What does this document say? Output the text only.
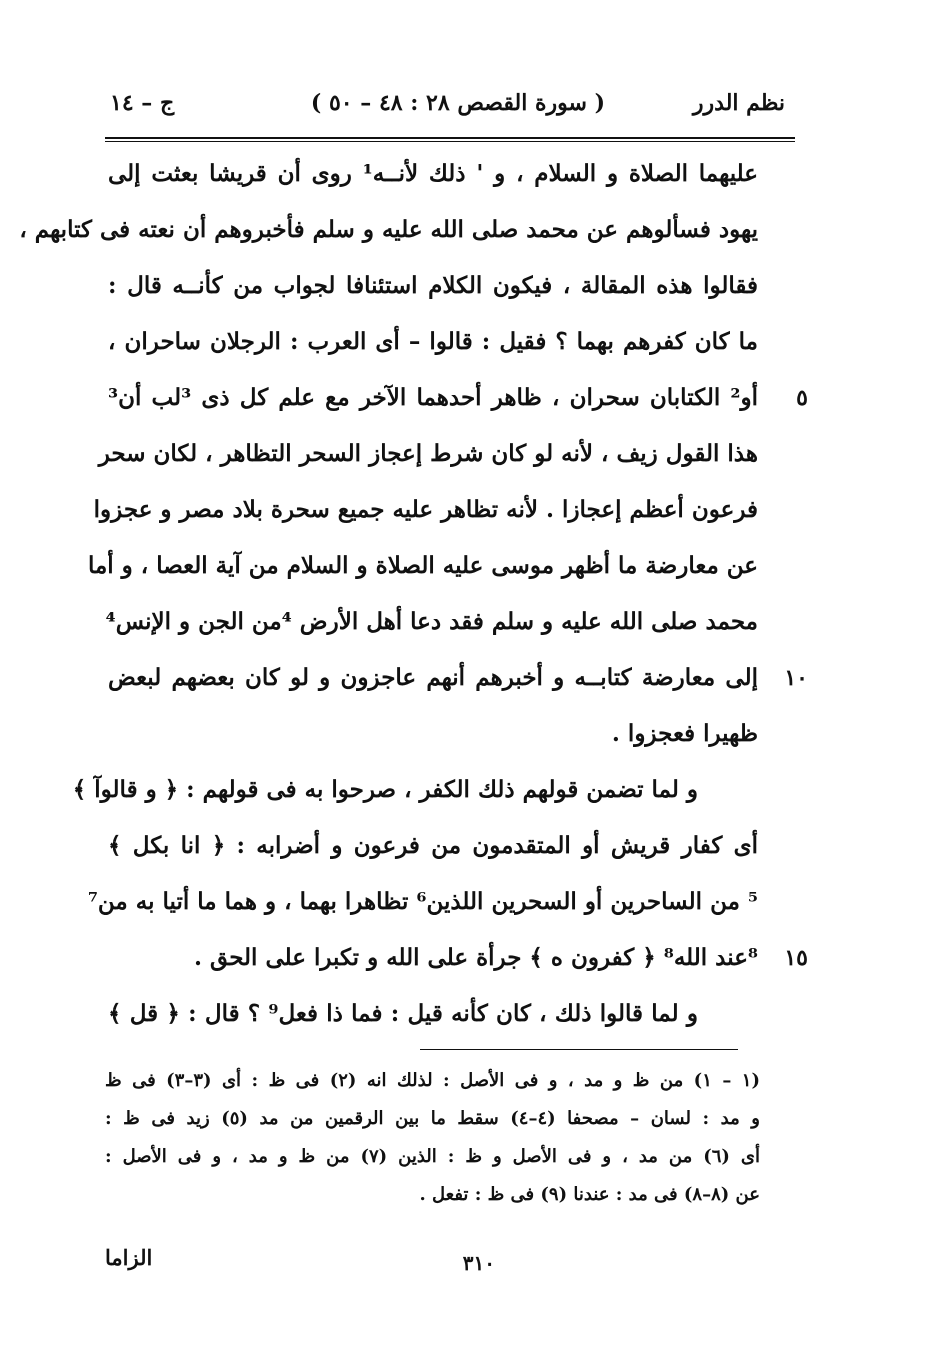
نظم الدرر
( سورة القصص ٢٨ : ٤٨ – ٥٠ )
ج – ١٤
عليهما الصلاة و السلام ، و ' ذلك لأنــه¹ روى أن قريشا بعثت إلى
يهود فسألوهم عن محمد صلى الله عليه و سلم فأخبروهم أن نعته فى كتابهم ،
فقالوا هذه المقالة ، فيكون الكلام استئنافا لجواب من كأنــه قال :
ما كان كفرهم بهما ؟ فقيل : قالوا – أى العرب : الرجلان ساحران ،
أو² الكتابان سحران ، ظاهر أحدهما الآخر مع علم كل ذى ³لب أن³	٥
هذا القول زيف ، لأنه لو كان شرط إعجاز السحر التظاهر ، لكان سحر
فرعون أعظم إعجازا . لأنه تظاهر عليه جميع سحرة بلاد مصر و عجزوا
عن معارضة ما أظهر موسى عليه الصلاة و السلام من آية العصا ، و أما
محمد صلى الله عليه و سلم فقد دعا أهل الأرض ⁴من الجن و الإنس⁴
إلى معارضة كتابــه و أخبرهم أنهم عاجزون و لو كان بعضهم لبعض	١٠
ظهيرا فعجزوا .
و لما تضمن قولهم ذلك الكفر ، صرحوا به فى قولهم : ﴿ و قالوآ ﴾
أى كفار قريش أو المتقدمون من فرعون و أضرابه : ﴿ انا بكل ﴾
⁵ من الساحرين أو السحرين اللذين⁶ تظاهرا بهما ، و هما ما أتيا به من⁷
⁸عند الله⁸ ﴿ كفرون ه ﴾ جرأة على الله و تكبرا على الحق .	١٥
و لما قالوا ذلك ، كان كأنه قيل : فما ذا فعل⁹ ؟ قال : ﴿ قل ﴾
(١ – ١) من ظ و مد ، و فى الأصل : لذلك انه (٢) فى ظ : أى (٣–٣) فى ظ
و مد : لسان – مصحفا (٤–٤) سقط ما بين الرقمين من مد (٥) زيد فى ظ :
أى (٦) من مد ، و فى الأصل و ظ : الذين (٧) من ظ و مد ، و فى الأصل :
عن (٨–٨) فى مد : عندنا (٩) فى ظ : تفعل .
٣١٠
الزاما
